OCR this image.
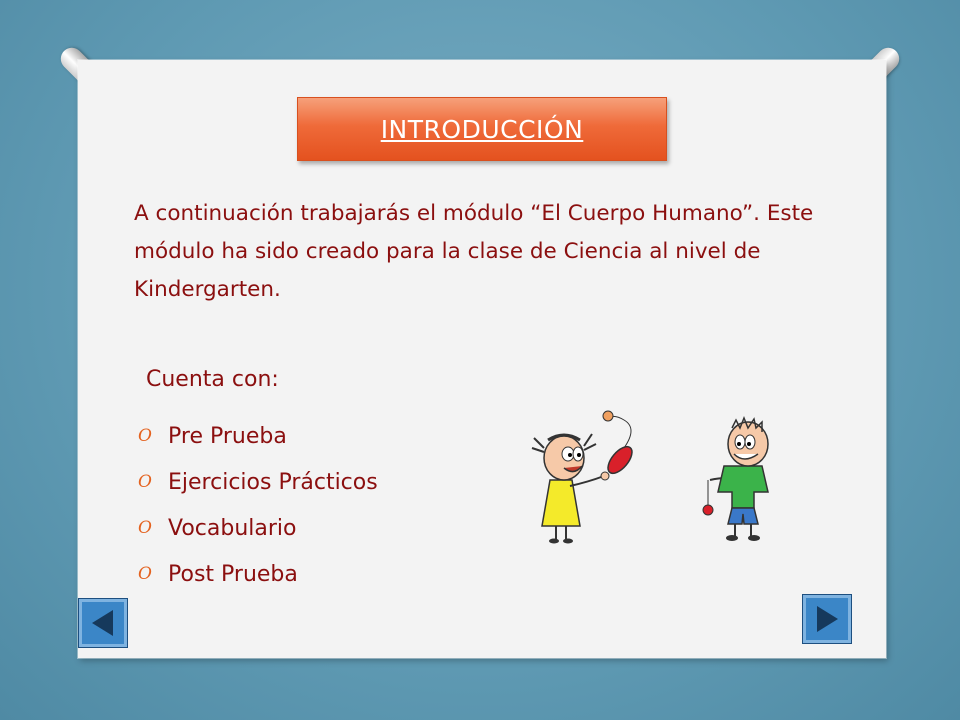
INTRODUCCIÓN
A continuación trabajarás el módulo “El Cuerpo Humano”. Este módulo ha sido creado para la clase de Ciencia al nivel de Kindergarten.
Cuenta con:
O Pre Prueba
O Ejercicios Prácticos
O Vocabulario
O Post Prueba
